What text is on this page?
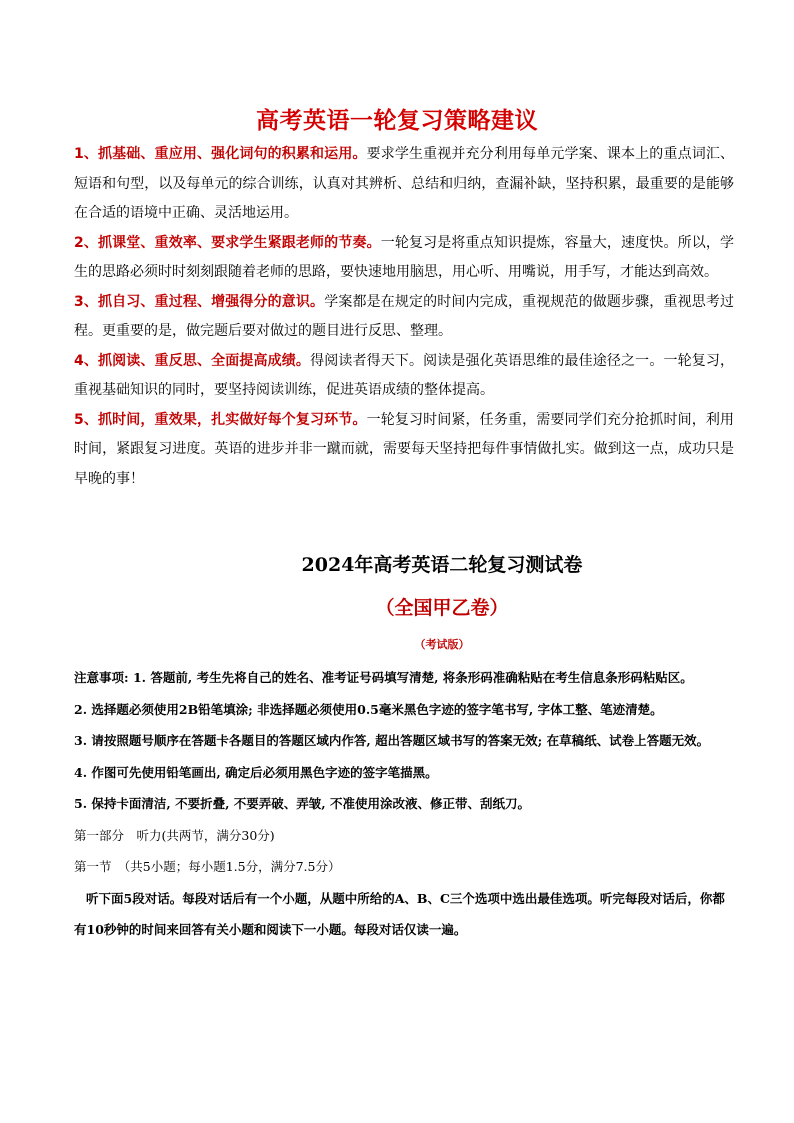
高考英语一轮复习策略建议

1、抓基础、重应用、强化词句的积累和运用。要求学生重视并充分利用每单元学案、课本上的重点词汇、短语和句型，以及每单元的综合训练，认真对其辨析、总结和归纳，查漏补缺，坚持积累，最重要的是能够在合适的语境中正确、灵活地运用。

2、抓课堂、重效率、要求学生紧跟老师的节奏。一轮复习是将重点知识提炼，容量大，速度快。所以，学生的思路必须时时刻刻跟随着老师的思路，要快速地用脑思，用心听、用嘴说，用手写，才能达到高效。

3、抓自习、重过程、增强得分的意识。学案都是在规定的时间内完成，重视规范的做题步骤，重视思考过程。更重要的是，做完题后要对做过的题目进行反思、整理。

4、抓阅读、重反思、全面提高成绩。得阅读者得天下。阅读是强化英语思维的最佳途径之一。一轮复习，重视基础知识的同时，要坚持阅读训练，促进英语成绩的整体提高。

5、抓时间，重效果，扎实做好每个复习环节。一轮复习时间紧，任务重，需要同学们充分抢抓时间，利用时间，紧跟复习进度。英语的进步并非一蹴而就，需要每天坚持把每件事情做扎实。做到这一点，成功只是早晚的事！

2024年高考英语二轮复习测试卷
（全国甲乙卷）
（考试版）

注意事项: 1. 答题前, 考生先将自己的姓名、准考证号码填写清楚, 将条形码准确粘贴在考生信息条形码粘贴区。

2. 选择题必须使用2B铅笔填涂; 非选择题必须使用0.5毫米黑色字迹的签字笔书写, 字体工整、笔迹清楚。

3. 请按照题号顺序在答题卡各题目的答题区域内作答, 超出答题区域书写的答案无效; 在草稿纸、试卷上答题无效。

4. 作图可先使用铅笔画出, 确定后必须用黑色字迹的签字笔描黑。

5. 保持卡面清洁, 不要折叠, 不要弄破、弄皱, 不准使用涂改液、修正带、刮纸刀。

第一部分　听力(共两节，满分30分)

第一节　（共5小题；每小题1.5分，满分7.5分）

听下面5段对话。每段对话后有一个小题，从题中所给的A、B、C三个选项中选出最佳选项。听完每段对话后，你都有10秒钟的时间来回答有关小题和阅读下一小题。每段对话仅读一遍。
